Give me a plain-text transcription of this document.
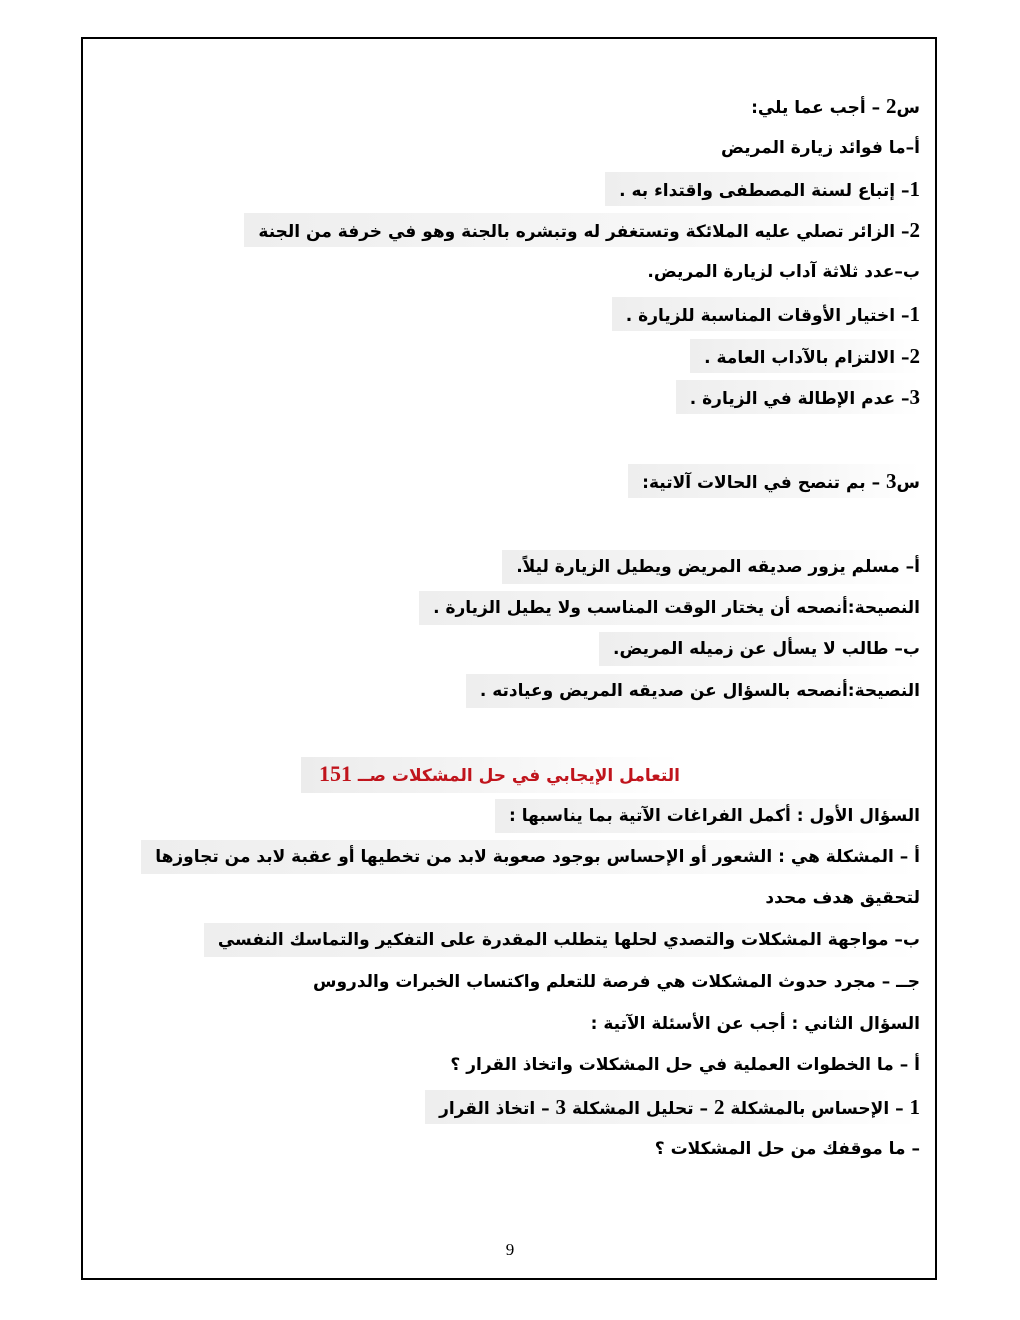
س2 – أجب عما يلي:
أ–ما فوائد زيارة المريض
1– إتباع لسنة المصطفى واقتداء به .
2– الزائر تصلي عليه الملائكة وتستغفر له وتبشره بالجنة وهو في خرفة من الجنة
ب–عدد ثلاثة آداب لزيارة المريض.
1– اختيار الأوقات المناسبة للزيارة .
2– الالتزام بالآداب العامة .
3– عدم الإطالة في الزيارة .
س3 – بم تنصح في الحالات آلاتية:
أ– مسلم يزور صديقه المريض ويطيل الزيارة ليلاً.
النصيحة:أنصحه أن يختار الوقت المناسب ولا يطيل الزيارة .
ب– طالب لا يسأل عن زميله المريض.
النصيحة:أنصحه بالسؤال عن صديقه المريض وعيادته .
التعامل الإيجابي في حل المشكلات صــ 151
السؤال الأول : أكمل الفراغات الآتية بما يناسبها :
أ – المشكلة هي : الشعور أو الإحساس بوجود صعوبة لابد من تخطيها أو عقبة لابد من تجاوزها
لتحقيق هدف محدد
ب– مواجهة المشكلات والتصدي لحلها يتطلب المقدرة على التفكير والتماسك النفسي
جــ – مجرد حدوث المشكلات هي فرصة للتعلم واكتساب الخبرات والدروس
السؤال الثاني : أجب عن الأسئلة الآتية :
أ – ما الخطوات العملية في حل المشكلات واتخاذ القرار ؟
1 – الإحساس بالمشكلة 2 – تحليل المشكلة 3 – اتخاذ القرار
– ما موقفك من حل المشكلات ؟
9
